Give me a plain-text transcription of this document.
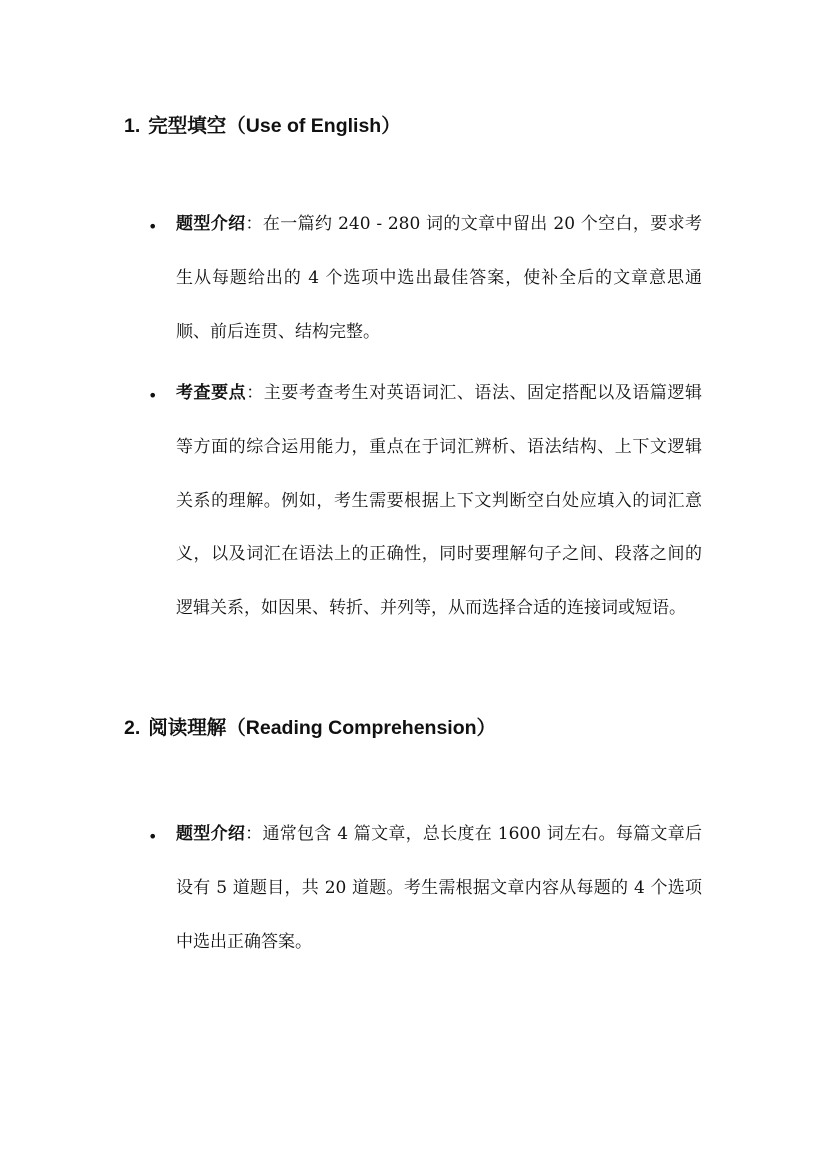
1. 完型填空（Use of English）
• 题型介绍：在一篇约 240 - 280 词的文章中留出 20 个空白，要求考生从每题给出的 4 个选项中选出最佳答案，使补全后的文章意思通顺、前后连贯、结构完整。
• 考查要点：主要考查考生对英语词汇、语法、固定搭配以及语篇逻辑等方面的综合运用能力，重点在于词汇辨析、语法结构、上下文逻辑关系的理解。例如，考生需要根据上下文判断空白处应填入的词汇意义，以及词汇在语法上的正确性，同时要理解句子之间、段落之间的逻辑关系，如因果、转折、并列等，从而选择合适的连接词或短语。
2. 阅读理解（Reading Comprehension）
• 题型介绍：通常包含 4 篇文章，总长度在 1600 词左右。每篇文章后设有 5 道题目，共 20 道题。考生需根据文章内容从每题的 4 个选项中选出正确答案。
